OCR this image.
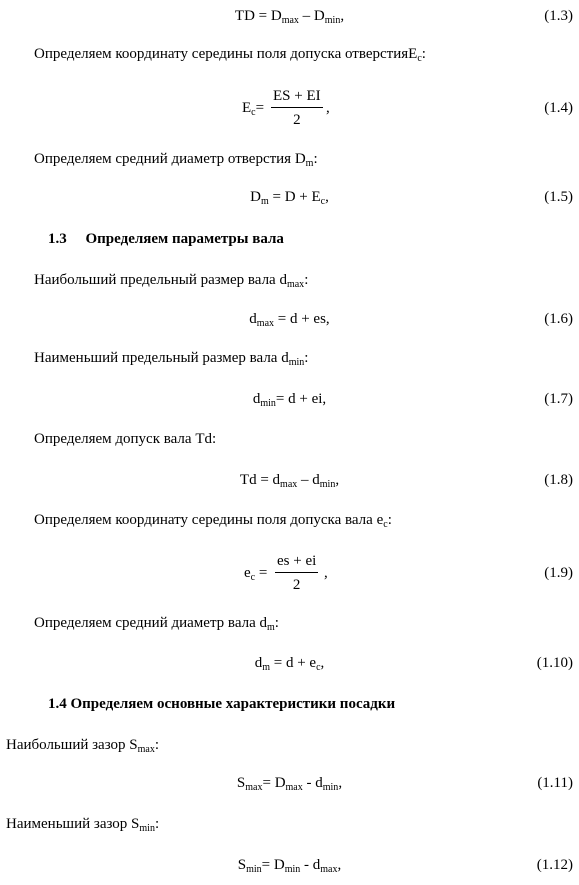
TD = $D_{max} - D_{min}$,	(1.3)
Определяем координату середины поля допуска отверстияE$_c$:
$E_c= \frac{ES + EI}{2}$ ,	(1.4)
Определяем средний диаметр отверстия $D_m$:
$D_m = D + E_c$,	(1.5)
1.3     Определяем параметры вала
Наибольший предельный размер вала $d_{max}$:
$d_{max} = d$ + es,	(1.6)
Наименьший предельный размер вала $d_{min}$:
$d_{min}= d$ + ei,	(1.7)
Определяем допуск вала Td:
$Td = d_{max} - d_{min}$,	(1.8)
Определяем координату середины поля допуска вала $e_c$:
$e_c = \frac{es + ei}{2}$ ,	(1.9)
Определяем средний диаметр вала $d_m$:
$d_m = d + e_c$,	(1.10)
1.4 Определяем основные характеристики посадки
Наибольший зазор $S_{max}$:
$S_{max}= D_{max} - d_{min}$,	(1.11)
Наименьший зазор $S_{min}$:
$S_{min}= D_{min} - d_{max}$,	(1.12)
